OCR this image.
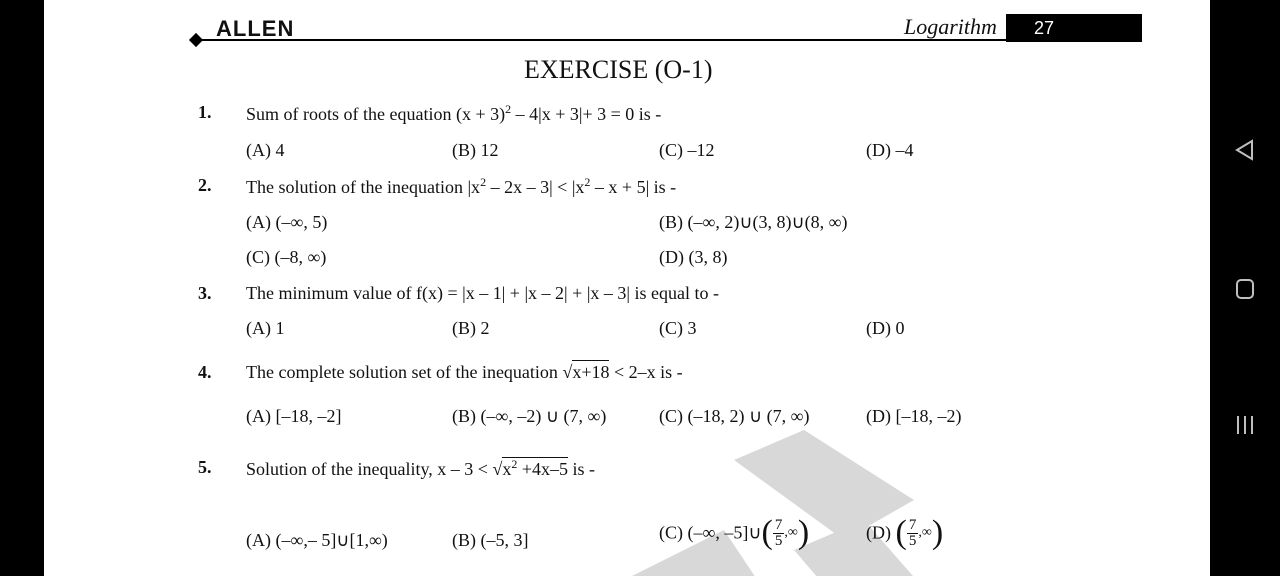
ALLEN	Logarithm	27
EXERCISE (O-1)
1. Sum of roots of the equation $(x + 3)^2 - 4|x + 3|+ 3 = 0$ is -
(A) 4	(B) 12	(C) –12	(D) –4
2. The solution of the inequation $|x^2 - 2x - 3| < |x^2 - x + 5|$ is -
(A) (–∞, 5)	(B) (–∞, 2)∪(3, 8)∪(8, ∞)
(C) (–8, ∞)	(D) (3, 8)
3. The minimum value of f(x) = |x – 1| + |x – 2| + |x – 3| is equal to -
(A) 1	(B) 2	(C) 3	(D) 0
4. The complete solution set of the inequation √x+18 < 2–x is -
(A) [–18, –2]	(B) (–∞, –2) ∪ (7, ∞)	(C) (–18, 2) ∪ (7, ∞)	(D) [–18, –2)
5. Solution of the inequality, $x - 3 < √x^2 +4x-5$ is -
(A) (–∞,– 5]∪[1,∞)	(B) (–5, 3]	(C) (–∞, –5]∪( $\frac{7}{5}$ ,∞)	(D) ( $\frac{7}{5}$ ,∞)
